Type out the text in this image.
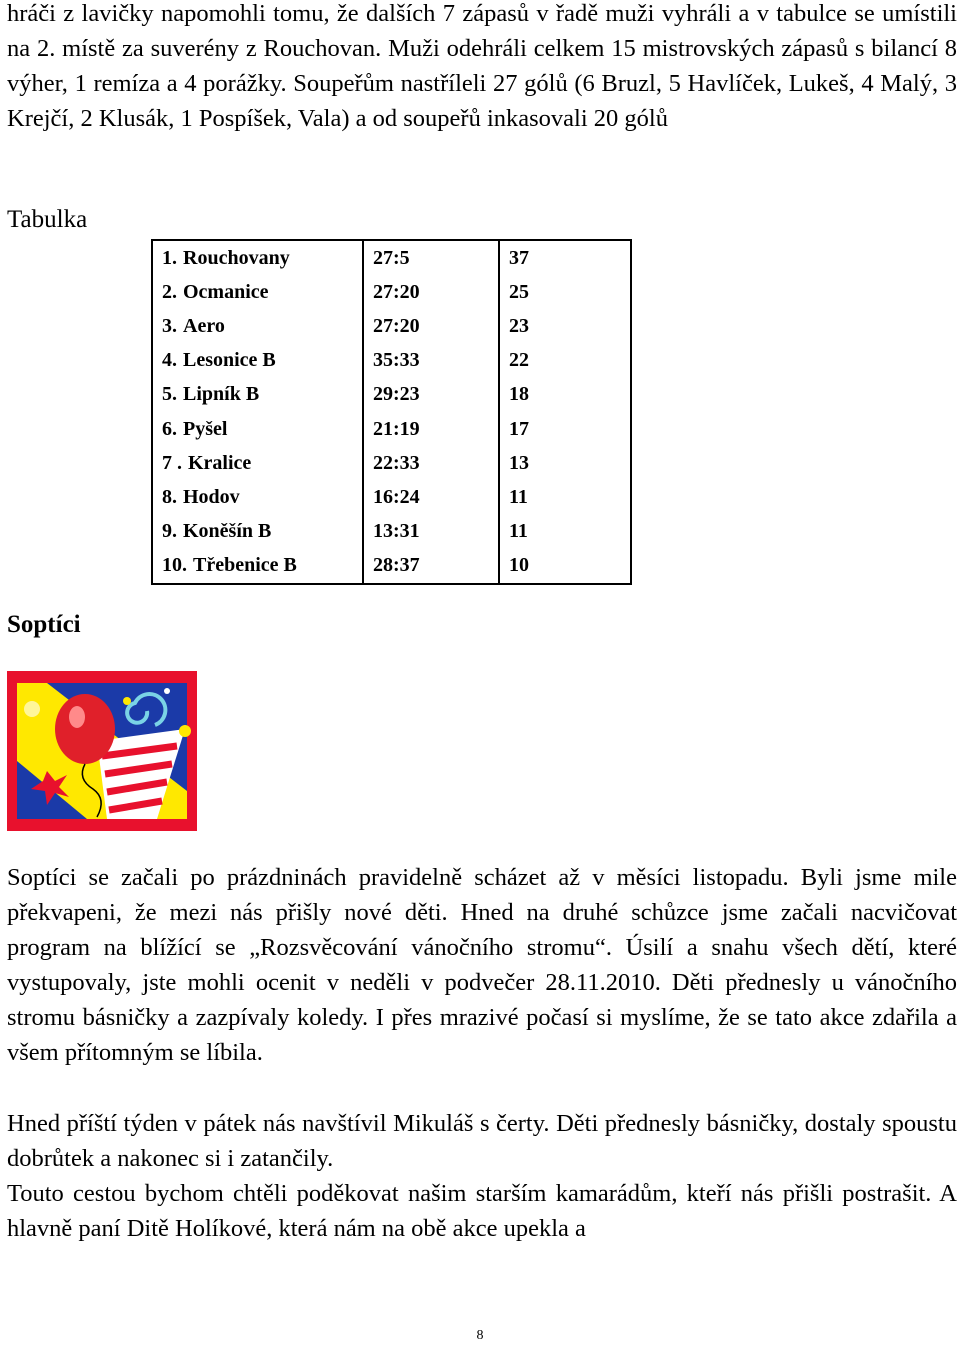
hráči z lavičky napomohli tomu, že dalších 7 zápasů v řadě muži vyhráli a v tabulce se umístili na 2. místě za suverény z Rouchovan. Muži odehráli celkem 15 mistrovských zápasů s bilancí 8 výher, 1 remíza a 4 porážky. Soupeřům nastříleli 27 gólů (6 Bruzl, 5 Havlíček, Lukeš, 4 Malý, 3 Krejčí, 2 Klusák, 1 Pospíšek, Vala) a od soupeřů inkasovali 20 gólů

Tabulka

1. Rouchovany	27:5	37
2. Ocmanice	27:20	25
3. Aero	27:20	23
4. Lesonice B	35:33	22
5. Lipník B	29:23	18
6. Pyšel	21:19	17
7 . Kralice	22:33	13
8. Hodov	16:24	11
9. Koněšín B	13:31	11
10. Třebenice B	28:37	10

Soptíci

Soptíci se začali po prázdninách pravidelně scházet až v měsíci listopadu. Byli jsme mile překvapeni, že mezi nás přišly nové děti. Hned na druhé schůzce jsme začali nacvičovat program na blížící se „Rozsvěcování vánočního stromu“. Úsilí a snahu všech dětí, které vystupovaly, jste mohli ocenit v neděli v podvečer 28.11.2010. Děti přednesly u vánočního stromu básničky a zazpívaly koledy. I přes mrazivé počasí si myslíme, že se tato akce zdařila a všem přítomným se líbila.

Hned příští týden v pátek nás navštívil Mikuláš s čerty. Děti přednesly básničky, dostaly spoustu dobrůtek a nakonec si i zatančily.

Touto cestou bychom chtěli poděkovat našim starším kamarádům, kteří nás přišli postrašit. A hlavně paní Ditě Holíkové, která nám na obě akce upekla a

8
